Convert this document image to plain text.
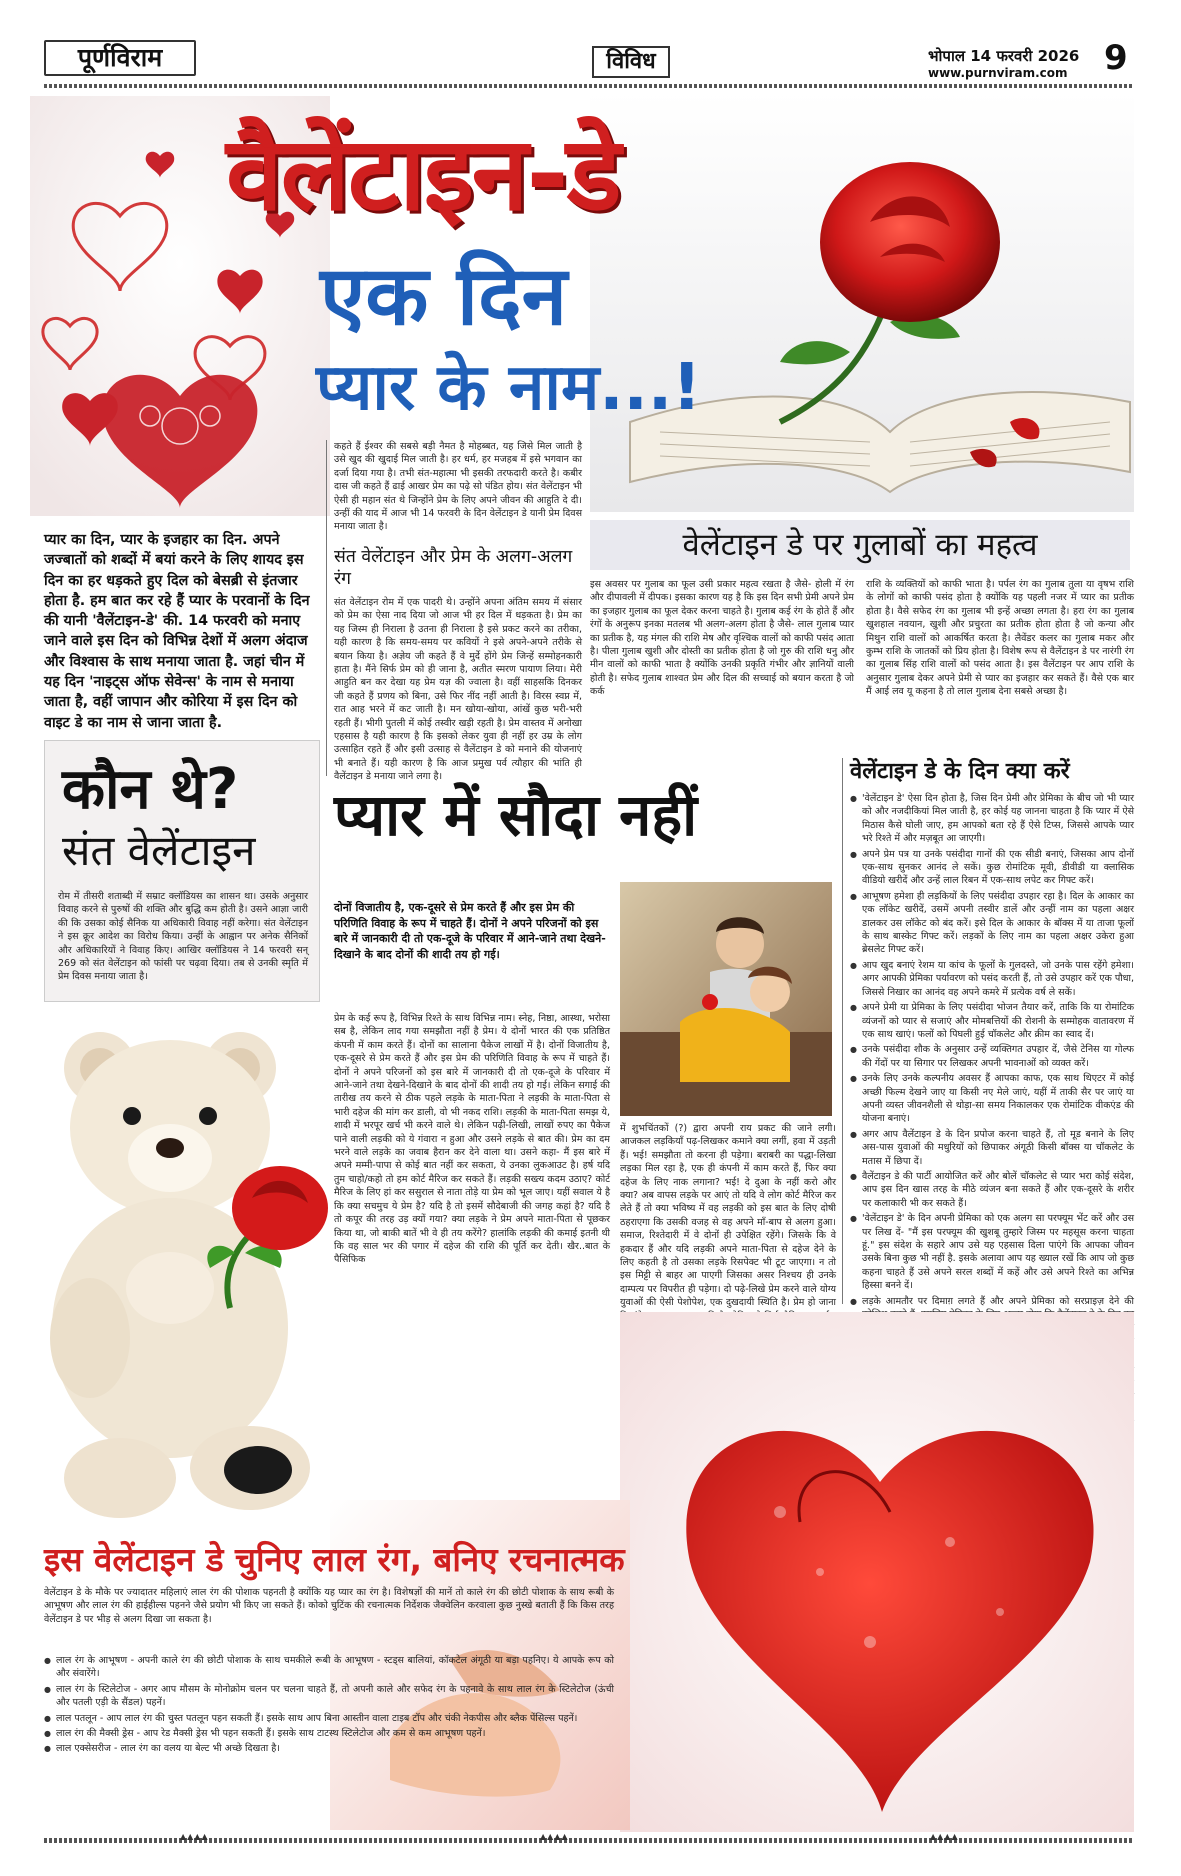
पूर्णविराम	विविध	भोपाल 14 फरवरी 2026
www.purnviram.com 9
वैलेंटाइन-डे
एक दिन
प्यार के नाम...!
प्यार का दिन, प्यार के इजहार का दिन. अपने जज्बातों को शब्दों में बयां करने के लिए शायद इस दिन का हर धड़कते हुए दिल को बेसब्री से इंतजार होता है. हम बात कर रहे हैं प्यार के परवानों के दिन की यानी 'वैलेंटाइन-डे' की. 14 फरवरी को मनाए जाने वाले इस दिन को विभिन्न देशों में अलग अंदाज और विश्वास के साथ मनाया जाता है. जहां चीन में यह दिन 'नाइट्स ऑफ सेवेन्स' के नाम से मनाया जाता है, वहीं जापान और कोरिया में इस दिन को वाइट डे का नाम से जाना जाता है.
कहते हैं ईश्वर की सबसे बड़ी नैमत है मोहब्बत, यह जिसे मिल जाती है उसे खुद की खुदाई मिल जाती है। हर धर्म, हर मजहब में इसे भगवान का दर्जा दिया गया है। तभी संत-महात्मा भी इसकी तरफदारी करते है। कबीर दास जी कहते हैं ढाई आखर प्रेम का पढ़े सो पंडित होय। संत वेलेंटाइन भी ऐसी ही महान संत थे जिन्होंने प्रेम के लिए अपने जीवन की आहुति दे दी। उन्हीं की याद में आज भी 14 फरवरी के दिन वेलेंटाइन डे यानी प्रेम दिवस मनाया जाता है।
संत वेलेंटाइन और प्रेम के अलग-अलग रंग
संत वेलेंटाइन रोम में एक पादरी थे। उन्होंने अपना अंतिम समय में संसार को प्रेम का ऐसा नाद दिया जो आज भी हर दिल में धड़कता है। प्रेम का यह जिस्म ही निराला है उतना ही निराला है इसे प्रकट करने का तरीका, यही कारण है कि समय-समय पर कवियों ने इसे अपने-अपने तरीके से बयान किया है। अज्ञेय जी कहते हैं वे मुर्दे होंगे प्रेम जिन्हें सम्मोहनकारी हाता है। मैंने सिर्फ प्रेम को ही जाना है, अतीत स्मरण पायाण लिया। मेरी आहुति बन कर देखा यह प्रेम यज्ञ की ज्वाला है। वहीं साहसकि दिनकर जी कहते हैं प्रणय को बिना, उसे फिर नींद नहीं आती है। विरस स्वप्न में, रात आह भरने में कट जाती है। मन खोया-खोया, आंखें कुछ भरी-भरी रहती हैं। भीगी पुतली में कोई तस्वीर खड़ी रहती है। प्रेम वास्तव में अनोखा एहसास है यही कारण है कि इसको लेकर युवा ही नहीं हर उम्र के लोग उत्साहित रहते हैं और इसी उत्साह से वैलेंटाइन डे को मनाने की योजनाएं भी बनाते हैं। यही कारण है कि आज प्रमुख पर्व त्यौहार की भांति ही वैलेंटाइन डे मनाया जाने लगा है।
वेलेंटाइन डे पर गुलाबों का महत्व
इस अवसर पर गुलाब का फूल उसी प्रकार महत्व रखता है जैसे- होली में रंग और दीपावली में दीपक। इसका कारण यह है कि इस दिन सभी प्रेमी अपने प्रेम का इजहार गुलाब का फूल देकर करना चाहते है। गुलाब कई रंग के होते हैं और रंगों के अनुरूप इनका मतलब भी अलग-अलग होता है जैसे- लाल गुलाब प्यार का प्रतीक है, यह मंगल की राशि मेष और वृश्चिक वालों को काफी पसंद आता है। पीला गुलाब खुशी और दोस्ती का प्रतीक होता है जो गुरु की राशि धनु और मीन वालों को काफी भाता है क्योंकि उनकी प्रकृति गंभीर और ज्ञानियों वाली होती है। सफेद गुलाब शाश्वत प्रेम और दिल की सच्चाई को बयान करता है जो कर्क
राशि के व्यक्तियों को काफी भाता है। पर्पल रंग का गुलाब तुला या वृषभ राशि के लोगों को काफी पसंद होता है क्योंकि यह पहली नजर में प्यार का प्रतीक होता है। वैसे सफेद रंग का गुलाब भी इन्हें अच्छा लगता है। हरा रंग का गुलाब खुशहाल नवयान, खुशी और प्रचुरता का प्रतीक होता होता है जो कन्या और मिथुन राशि वालों को आकर्षित करता है। लैवेंडर कलर का गुलाब मकर और कुम्भ राशि के जातकों को प्रिय होता है। विशेष रूप से वैलेंटाइन डे पर नारंगी रंग का गुलाब सिंह राशि वालों को पसंद आता है। इस वैलेंटाइन पर आप राशि के अनुसार गुलाब देकर अपने प्रेमी से प्यार का इजहार कर सकते हैं। वैसे एक बार मैं आई लव यू कहना है तो लाल गुलाब देना सबसे अच्छा है।
कौन थे?
संत वेलेंटाइन
रोम में तीसरी शताब्दी में सम्राट क्लॉडियस का शासन था। उसके अनुसार विवाह करने से पुरुषों की शक्ति और बुद्धि कम होती है। उसने आज्ञा जारी की कि उसका कोई सैनिक या अधिकारी विवाह नहीं करेगा। संत वेलेंटाइन ने इस क्रूर आदेश का विरोध किया। उन्हीं के आह्वान पर अनेक सैनिकों और अधिकारियों ने विवाह किए। आखिर क्लॉडियस ने 14 फरवरी सन् 269 को संत वेलेंटाइन को फांसी पर चढ़वा दिया। तब से उनकी स्मृति में प्रेम दिवस मनाया जाता है।
प्यार में सौदा नहीं
दोनों विजातीय है, एक-दूसरे से प्रेम करते हैं और इस प्रेम की परिणिति विवाह के रूप में चाहते हैं। दोनों ने अपने परिजनों को इस बारे में जानकारी दी तो एक-दूजे के परिवार में आने-जाने तथा देखने-दिखाने के बाद दोनों की शादी तय हो गई।
प्रेम के कई रूप है, विभिन्न रिश्ते के साथ विभिन्न नाम। स्नेह, निष्ठा, आस्था, भरोसा सब है, लेकिन लाद गया समझौता नहीं है प्रेम। ये दोनों भारत की एक प्रतिष्ठित कंपनी में काम करते हैं। दोनों का सालाना पैकेज लाखों में है। दोनों विजातीय है, एक-दूसरे से प्रेम करते हैं और इस प्रेम की परिणिति विवाह के रूप में चाहते हैं। दोनों ने अपने परिजनों को इस बारे में जानकारी दी तो एक-दूजे के परिवार में आने-जाने तथा देखने-दिखाने के बाद दोनों की शादी तय हो गई। लेकिन सगाई की तारीख तय करने से ठीक पहले लड़के के माता-पिता ने लड़की के माता-पिता से भारी दहेज की मांग कर डाली, वो भी नकद राशि। लड़की के माता-पिता समझ ये, शादी में भरपूर खर्च भी करने वाले थे। लेकिन पढ़ी-लिखी, लाखों रुपए का पैकेज पाने वाली लड़की को ये गंवारा न हुआ और उसने लड़के से बात की। प्रेम का दम भरने वाले लड़के का जवाब हैरान कर देने वाला था। उसने कहा- मैं इस बारे में अपने मम्मी-पापा से कोई बात नहीं कर सकता, ये उनका लुकआउट है। हर्ष यदि तुम चाहो/कहो तो हम कोर्ट मैरिज कर सकते हैं। लड़की सख्त्य कदम उठाए? कोर्ट मैरिज के लिए हां कर ससुराल से नाता तोड़े या प्रेम को भूल जाए। यहीं सवाल ये है कि क्या सचमुच ये प्रेम है? यदि है तो इसमें सौदेबाजी की जगह कहां है? यदि है तो कपूर की तरह उड़ क्यों गया? क्या लड़के ने प्रेम अपने माता-पिता से पूछकर किया था, जो बाकी बातें भी वे ही तय करेंगे? हालांकि लड़की की कमाई इतनी थी कि वह साल भर की पगार में दहेज की राशि की पूर्ति कर देती। खैर..बात के पैसिफिक
में शुभचिंतकों (?) द्वारा अपनी राय प्रकट की जाने लगी। आजकल लड़कियाँ पढ़-लिखकर कमाने क्या लगीं, हवा में उड़ती हैं। भई! समझौता तो करना ही पड़ेगा। बराबरी का पद्धा-लिखा लड़का मिल रहा है, एक ही कंपनी में काम करते हैं, फिर क्या दहेज के लिए नाक लगाना? भई! दे दुआ के नहीं करो और क्या? अब वापस लड़के पर आएं तो यदि वे लोग कोर्ट मैरिज कर लेते हैं तो क्या भविष्य में वह लड़की को इस बात के लिए दोषी ठहराएगा कि उसकी वजह से वह अपने माँ-बाप से अलग हुआ। समाज, रिश्तेदारी में वे दोनों ही उपेक्षित रहेंगे। जिसके कि वे हकदार हैं और यदि लड़की अपने माता-पिता से दहेज देने के लिए कहती है तो उसका लड़के रिसपेक्ट भी टूट जाएगा। न तो इस मिट्टी से बाहर आ पाएगी जिसका असर निश्चय ही उनके दाम्पत्य पर विपरीत ही पड़ेगा। दो पढ़े-लिखे प्रेम करने वाले योग्य युवाओं की ऐसी पेशोपेश, एक दुखदायी स्थिति है। प्रेम हो जाना
वेलेंटाइन डे के दिन क्या करें
● 'वेलेंटाइन डे' ऐसा दिन होता है, जिस दिन प्रेमी और प्रेमिका के बीच जो भी प्यार को और नजदीकियां मिल जाती है, हर कोई यह जानना चाहता है कि प्यार में ऐसे मिठास कैसे घोली जाए, हम आपको बता रहे हैं ऐसे टिप्स, जिससे आपके प्यार भरे रिश्ते में और मज़बूत आ जाएगी।
● अपने प्रेम पत्र या उनके पसंदीदा गानों की एक सीडी बनाएं, जिसका आप दोनों एक-साथ सुनकर आनंद ले सकें। कुछ रोमांटिक मूवी, डीवीडी या क्लासिक वीडियो खरीदें और उन्हें लाल रिबन में एक-साथ लपेट कर गिफ्ट करें।
● आभूषण हमेशा ही लड़कियों के लिए पसंदीदा उपहार रहा है। दिल के आकार का एक लॉकेट खरीदें, उसमें अपनी तस्वीर डालें और उन्हीं नाम का पहला अक्षर डालकर उस लॉकेट को बंद करें। इसे दिल के आकार के बॉक्स में या ताजा फूलों के साथ बास्केट गिफ्ट करें। लड़कों के लिए नाम का पहला अक्षर उकेरा हुआ ब्रेसलेट गिफ्ट करें।
● आप खुद बनाएं रेशम या कांच के फूलों के गुलदस्ते, जो उनके पास रहेंगे हमेशा। अगर आपकी प्रेमिका पर्यावरण को पसंद करती हैं, तो उसे उपहार करें एक पौधा, जिससे निखार का आनंद वह अपने कमरे में प्रत्येक वर्ष ले सकें।
● अपने प्रेमी या प्रेमिका के लिए पसंदीदा भोजन तैयार करें, ताकि कि या रोमांटिक व्यंजनों को प्यार से सजाएं और मोमबत्तियों की रोशनी के सम्मोहक वातावरण में एक साथ खाएं। फलों को पिघली हुई चॉकलेट और क्रीम का स्वाद दें।
● उनके पसंदीदा शौक के अनुसार उन्हें व्यक्तिगत उपहार दें, जैसे टेनिस या गोल्फ की गेंदों पर या सिगार पर लिखकर अपनी भावनाओं को व्यक्त करें।
● उनके लिए उनके कल्पनीय अवसर हैं आपका काफ, एक साथ थिएटर में कोई अच्छी फिल्म देखने जाए या किसी नए मेले जाएं, यहीं में ताकी सैर पर जाएं या अपनी व्यस्त जीवनशैली से थोड़ा-सा समय निकालकर एक रोमांटिक वीकएंड की योजना बनाएं।
● अगर आप वैलेंटाइन डे के दिन प्रपोज करना चाहते हैं, तो मूड बनाने के लिए अस-पास युवाओं की मधुरियों को छिपाकर अंगूठी किसी बॉक्स या चॉकलेट के मतास में छिपा दें।
● वैलेंटाइन डे की पार्टी आयोजित करें और बोलें चॉकलेट से प्यार भरा कोई संदेश, आप इस दिन खास तरह के मीठे व्यंजन बना सकते हैं और एक-दूसरे के शरीर पर कलाकारी भी कर सकते हैं।
● 'वेलेंटाइन डे' के दिन अपनी प्रेमिका को एक अलग सा परफ्यूम भेंट करें और उस पर लिख दें- "मैं इस परफ्यूम की खुशबू तुम्हारे जिस्म पर महसूस करना चाहता हूं." इस संदेश के सहारे आप उसे यह एहसास दिला पाएंगे कि आपका जीवन उसके बिना कुछ भी नहीं है. इसके अलावा आप यह ख्याल रखें कि आप जो कुछ कहना चाहते हैं उसे अपने सरल शब्दों में कहें और उसे अपने रिश्ते का अभिन्न हिस्सा बनने दें।
● लड़के आमतौर पर दिमाग़ लगते हैं और अपने प्रेमिका को सरप्राइज़ देने की
●
इस वेलेंटाइन डे चुनिए लाल रंग, बनिए रचनात्मक
वेलेंटाइन डे के मौके पर ज्यादातर महिलाएं लाल रंग की पोशाक पहनती है क्योंकि यह प्यार का रंग है। विशेषज्ञों की मानें तो काले रंग की छोटी पोशाक के साथ रूबी के आभूषण और लाल रंग की हाईहील्स पहनने जैसे प्रयोग भी किए जा सकते हैं। कोको चुटिंक की रचनात्मक निर्देशक जैक्वेलिन करवाला कुछ नुस्खे बताती हैं कि किस तरह वेलेंटाइन डे पर भीड़ से अलग दिखा जा सकता है।
● लाल रंग के आभूषण - अपनी काले रंग की छोटी पोशाक के साथ चमकीले रूबी के आभूषण - स्टड्स बालियां, कॉकटेल अंगूठी या बड़ा पहनिए। ये आपके रूप को और संवारेंगे।
● लाल रंग के स्टिलेटोज - अगर आप मौसम के मोनोक्रोम चलन पर चलना चाहते हैं, तो अपनी काले और सफेद रंग के पहनावे के साथ लाल रंग के स्टिलेटोज (ऊंची और पतली एड़ी के सैंडल) पहनें।
● लाल पतलून - आप लाल रंग की चुस्त पतलून पहन सकती हैं। इसके साथ आप बिना आस्तीन वाला टाइब टॉप और चंकी नेकपीस और ब्लैक पेंसिल्स पहनें।
● लाल रंग की मैक्सी ड्रेस - आप रेड मैक्सी ड्रेस भी पहन सकती हैं। इसके साथ टाटस्थ स्टिलेटोज और कम से कम आभूषण पहनें।
● लाल एक्सेसरीज - लाल रंग का वलय या बेल्ट भी अच्छे दिखता है।
▲▲▲▲	▲▲▲▲	▲▲▲▲
